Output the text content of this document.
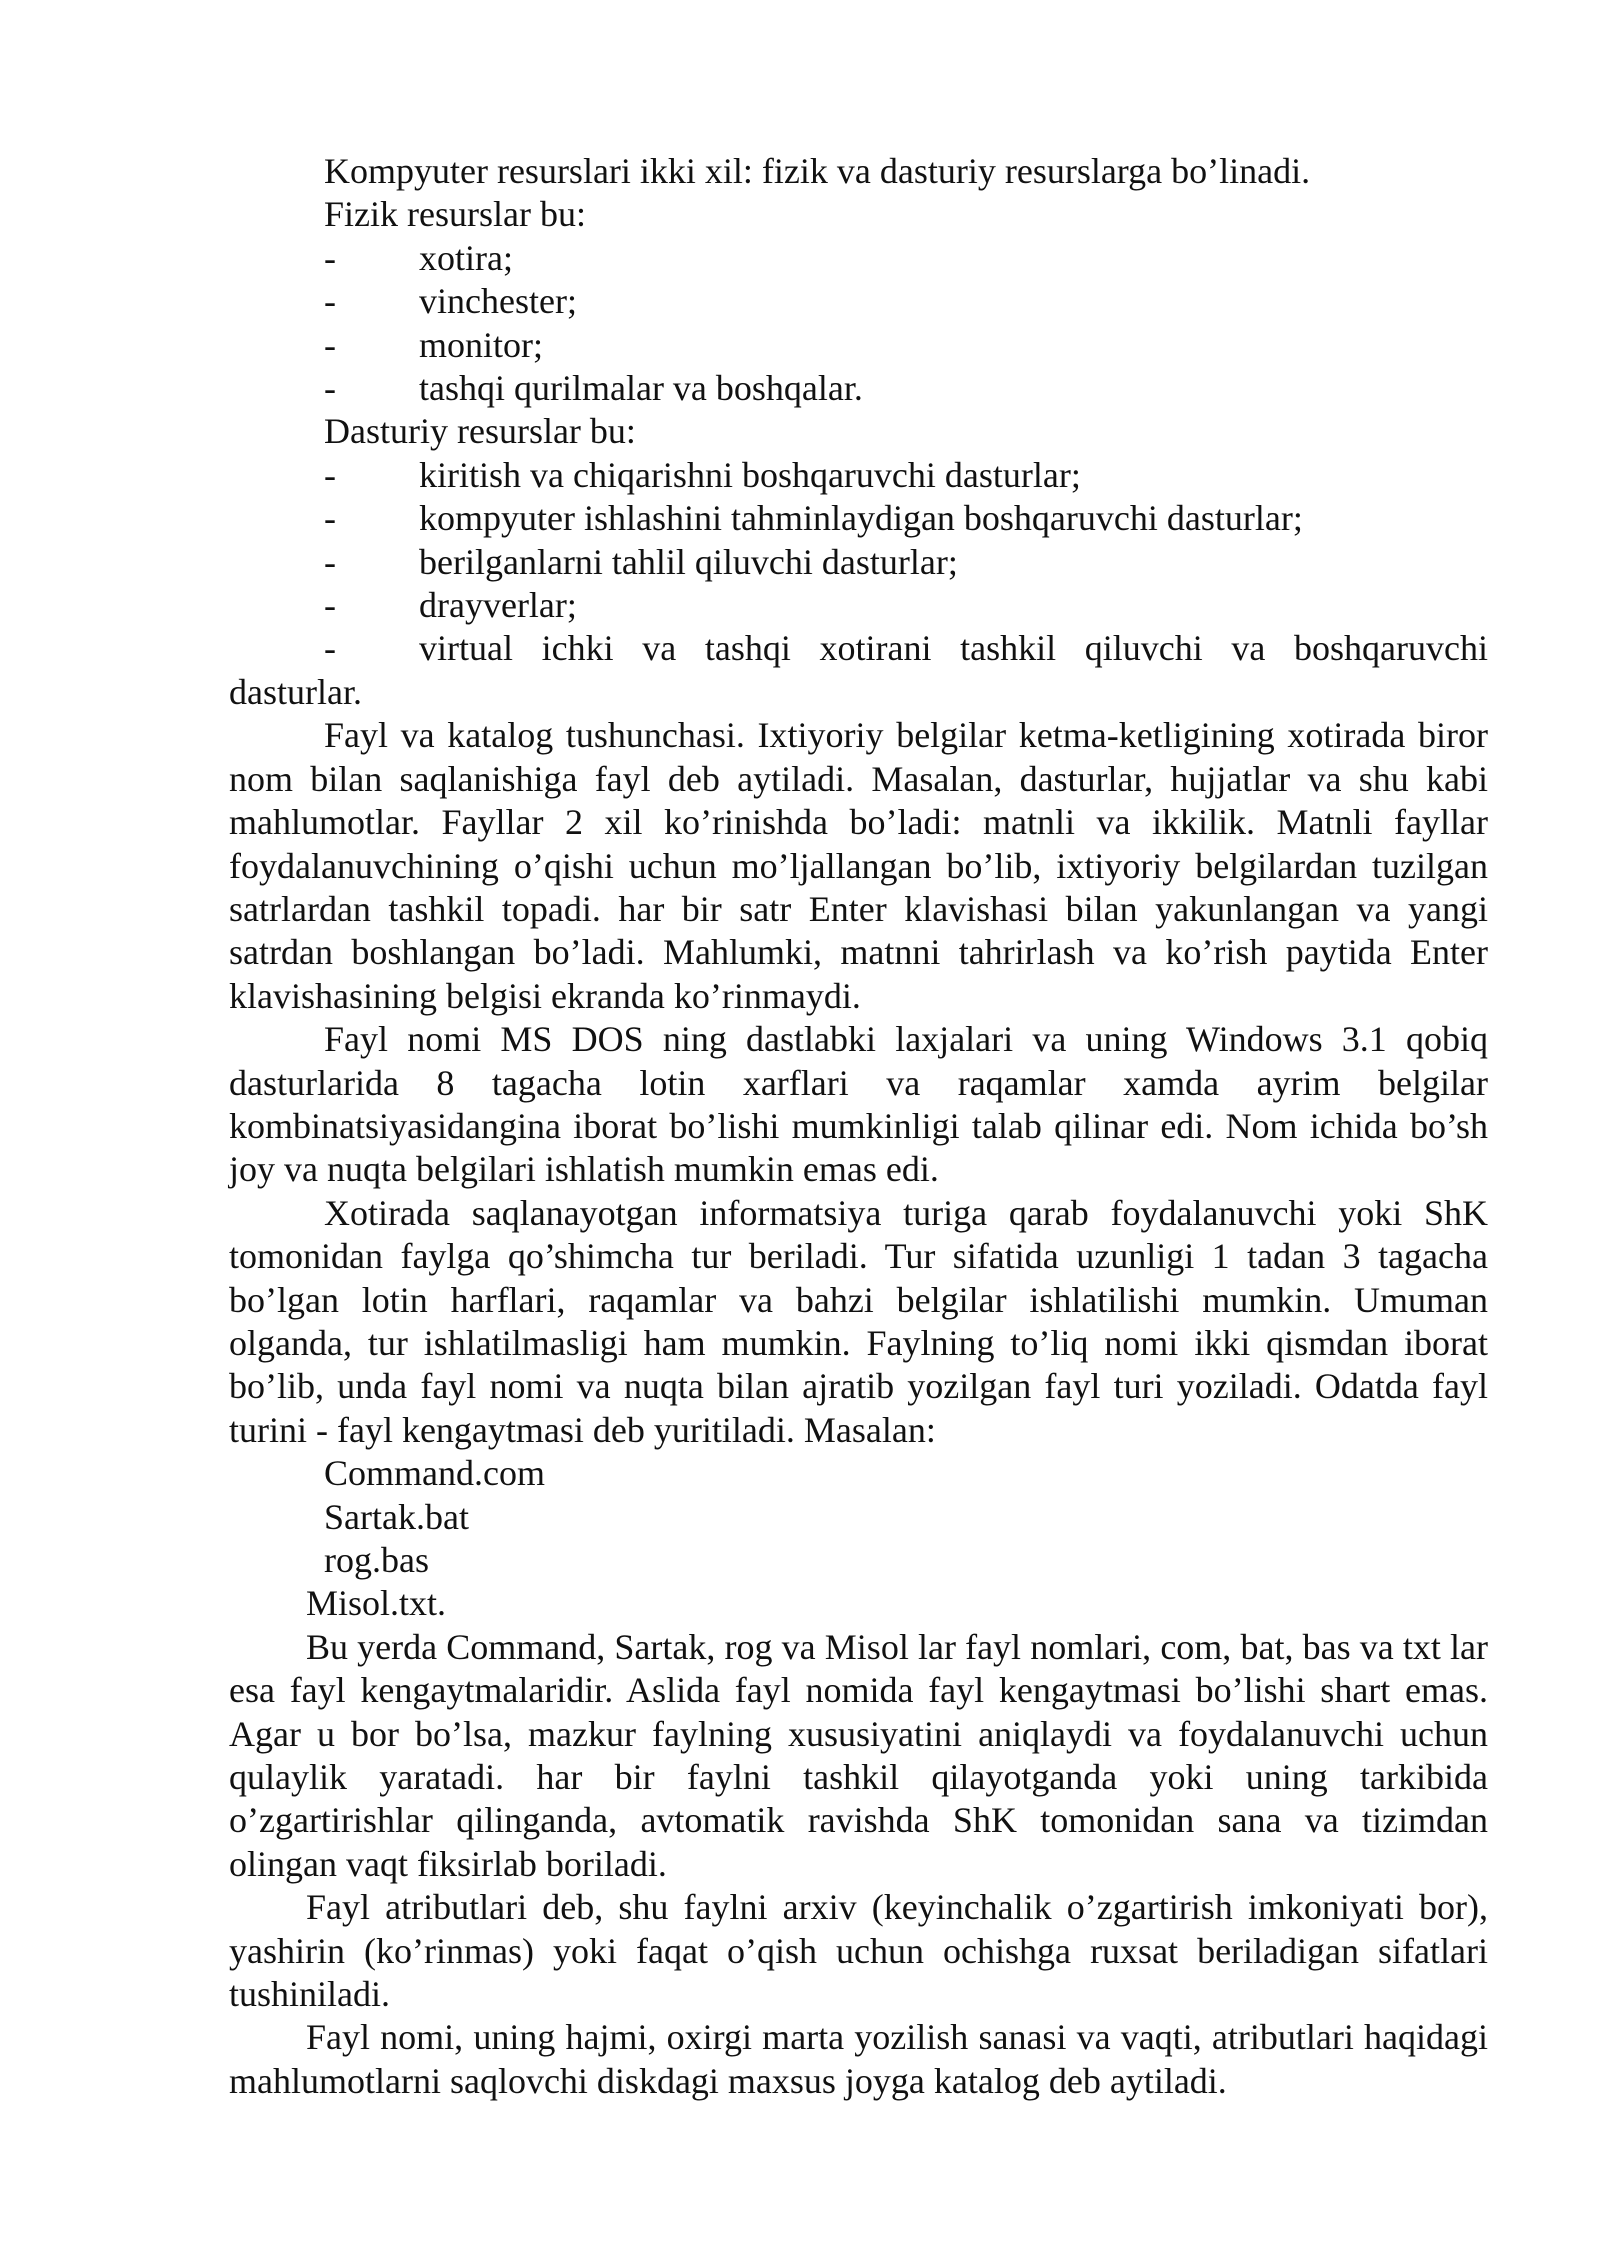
Kompyuter resurslari ikki xil: fizik va dasturiy resurslarga bo’linadi.
Fizik resurslar bu:
-	xotira;
-	vinchester;
-	monitor;
-	tashqi qurilmalar va boshqalar.
Dasturiy resurslar bu:
-	kiritish va chiqarishni boshqaruvchi dasturlar;
-	kompyuter ishlashini tahminlaydigan boshqaruvchi dasturlar;
-	berilganlarni tahlil qiluvchi dasturlar;
-	drayverlar;
-	virtual ichki va tashqi xotirani tashkil qiluvchi va boshqaruvchi
dasturlar.

Fayl va katalog tushunchasi. Ixtiyoriy belgilar ketma-ketligining xotirada biror nom bilan saqlanishiga fayl deb aytiladi. Masalan, dasturlar, hujjatlar va shu kabi mahlumotlar. Fayllar 2 xil ko’rinishda bo’ladi: matnli va ikkilik. Matnli fayllar foydalanuvchining o’qishi uchun mo’ljallangan bo’lib, ixtiyoriy belgilardan tuzilgan satrlardan tashkil topadi. har bir satr Enter klavishasi bilan yakunlangan va yangi satrdan boshlangan bo’ladi. Mahlumki, matnni tahrirlash va ko’rish paytida Enter klavishasining belgisi ekranda ko’rinmaydi.

Fayl nomi MS DOS ning dastlabki laxjalari va uning Windows 3.1 qobiq dasturlarida 8 tagacha lotin xarflari va raqamlar xamda ayrim belgilar kombinatsiyasidangina iborat bo’lishi mumkinligi talab qilinar edi. Nom ichida bo’sh joy va nuqta belgilari ishlatish mumkin emas edi.

Xotirada saqlanayotgan informatsiya turiga qarab foydalanuvchi yoki ShK tomonidan faylga qo’shimcha tur beriladi. Tur sifatida uzunligi 1 tadan 3 tagacha bo’lgan lotin harflari, raqamlar va bahzi belgilar ishlatilishi mumkin. Umuman olganda, tur ishlatilmasligi ham mumkin. Faylning to’liq nomi ikki qismdan iborat bo’lib, unda fayl nomi va nuqta bilan ajratib yozilgan fayl turi yoziladi. Odatda fayl turini - fayl kengaytmasi deb yuritiladi. Masalan:

Command.com
Sartak.bat
rog.bas
Misol.txt.

Bu yerda Command, Sartak, rog va Misol lar fayl nomlari, com, bat, bas va txt lar esa fayl kengaytmalaridir. Aslida fayl nomida fayl kengaytmasi bo’lishi shart emas. Agar u bor bo’lsa, mazkur faylning xususiyatini aniqlaydi va foydalanuvchi uchun qulaylik yaratadi. har bir faylni tashkil qilayotganda yoki uning tarkibida o’zgartirishlar qilinganda, avtomatik ravishda ShK tomonidan sana va tizimdan olingan vaqt fiksirlab boriladi.

Fayl atributlari deb, shu faylni arxiv (keyinchalik o’zgartirish imkoniyati bor), yashirin (ko’rinmas) yoki faqat o’qish uchun ochishga ruxsat beriladigan sifatlari tushiniladi.

Fayl nomi, uning hajmi, oxirgi marta yozilish sanasi va vaqti, atributlari haqidagi mahlumotlarni saqlovchi diskdagi maxsus joyga katalog deb aytiladi.
